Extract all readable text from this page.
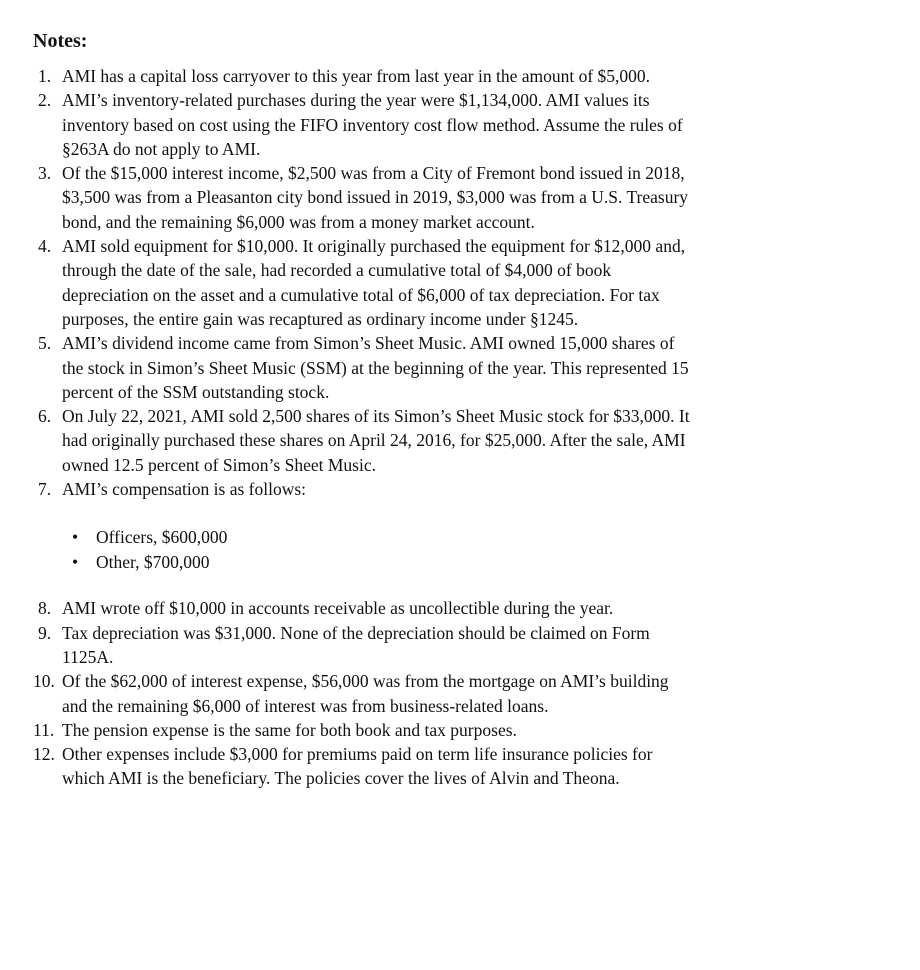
Notes:
1. AMI has a capital loss carryover to this year from last year in the amount of $5,000.
2. AMI’s inventory-related purchases during the year were $1,134,000. AMI values its
inventory based on cost using the FIFO inventory cost flow method. Assume the rules of
§263A do not apply to AMI.
3. Of the $15,000 interest income, $2,500 was from a City of Fremont bond issued in 2018,
$3,500 was from a Pleasanton city bond issued in 2019, $3,000 was from a U.S. Treasury
bond, and the remaining $6,000 was from a money market account.
4. AMI sold equipment for $10,000. It originally purchased the equipment for $12,000 and,
through the date of the sale, had recorded a cumulative total of $4,000 of book
depreciation on the asset and a cumulative total of $6,000 of tax depreciation. For tax
purposes, the entire gain was recaptured as ordinary income under §1245.
5. AMI’s dividend income came from Simon’s Sheet Music. AMI owned 15,000 shares of
the stock in Simon’s Sheet Music (SSM) at the beginning of the year. This represented 15
percent of the SSM outstanding stock.
6. On July 22, 2021, AMI sold 2,500 shares of its Simon’s Sheet Music stock for $33,000. It
had originally purchased these shares on April 24, 2016, for $25,000. After the sale, AMI
owned 12.5 percent of Simon’s Sheet Music.
7. AMI’s compensation is as follows:
• Officers, $600,000
• Other, $700,000
8. AMI wrote off $10,000 in accounts receivable as uncollectible during the year.
9. Tax depreciation was $31,000. None of the depreciation should be claimed on Form
1125A.
10. Of the $62,000 of interest expense, $56,000 was from the mortgage on AMI’s building
and the remaining $6,000 of interest was from business-related loans.
11. The pension expense is the same for both book and tax purposes.
12. Other expenses include $3,000 for premiums paid on term life insurance policies for
which AMI is the beneficiary. The policies cover the lives of Alvin and Theona.
